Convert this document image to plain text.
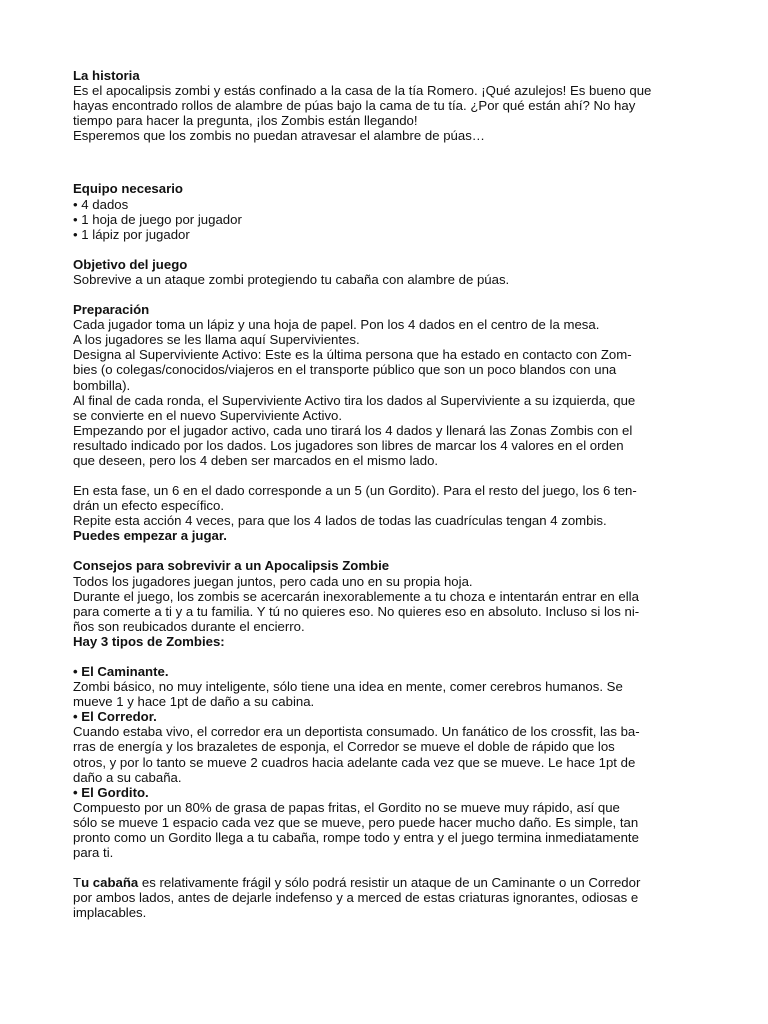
La historia
Es el apocalipsis zombi y estás confinado a la casa de la tía Romero. ¡Qué azulejos! Es bueno que
hayas encontrado rollos de alambre de púas bajo la cama de tu tía. ¿Por qué están ahí? No hay
tiempo para hacer la pregunta, ¡los Zombis están llegando!
Esperemos que los zombis no puedan atravesar el alambre de púas…
Equipo necesario
• 4 dados
• 1 hoja de juego por jugador
• 1 lápiz por jugador
Objetivo del juego
Sobrevive a un ataque zombi protegiendo tu cabaña con alambre de púas.
Preparación
Cada jugador toma un lápiz y una hoja de papel. Pon los 4 dados en el centro de la mesa.
A los jugadores se les llama aquí Supervivientes.
Designa al Superviviente Activo: Este es la última persona que ha estado en contacto con Zom-
bies (o colegas/conocidos/viajeros en el transporte público que son un poco blandos con una
bombilla).
Al final de cada ronda, el Superviviente Activo tira los dados al Superviviente a su izquierda, que
se convierte en el nuevo Superviviente Activo.
Empezando por el jugador activo, cada uno tirará los 4 dados y llenará las Zonas Zombis con el
resultado indicado por los dados. Los jugadores son libres de marcar los 4 valores en el orden
que deseen, pero los 4 deben ser marcados en el mismo lado.
En esta fase, un 6 en el dado corresponde a un 5 (un Gordito). Para el resto del juego, los 6 ten-
drán un efecto específico.
Repite esta acción 4 veces, para que los 4 lados de todas las cuadrículas tengan 4 zombis.
Puedes empezar a jugar.
Consejos para sobrevivir a un Apocalipsis Zombie
Todos los jugadores juegan juntos, pero cada uno en su propia hoja.
Durante el juego, los zombis se acercarán inexorablemente a tu choza e intentarán entrar en ella
para comerte a ti y a tu familia. Y tú no quieres eso. No quieres eso en absoluto. Incluso si los ni-
ños son reubicados durante el encierro.
Hay 3 tipos de Zombies:
• El Caminante.
Zombi básico, no muy inteligente, sólo tiene una idea en mente, comer cerebros humanos. Se
mueve 1 y hace 1pt de daño a su cabina.
• El Corredor.
Cuando estaba vivo, el corredor era un deportista consumado. Un fanático de los crossfit, las ba-
rras de energía y los brazaletes de esponja, el Corredor se mueve el doble de rápido que los
otros, y por lo tanto se mueve 2 cuadros hacia adelante cada vez que se mueve. Le hace 1pt de
daño a su cabaña.
• El Gordito.
Compuesto por un 80% de grasa de papas fritas, el Gordito no se mueve muy rápido, así que
sólo se mueve 1 espacio cada vez que se mueve, pero puede hacer mucho daño. Es simple, tan
pronto como un Gordito llega a tu cabaña, rompe todo y entra y el juego termina inmediatamente
para ti.
Tu cabaña es relativamente frágil y sólo podrá resistir un ataque de un Caminante o un Corredor
por ambos lados, antes de dejarle indefenso y a merced de estas criaturas ignorantes, odiosas e
implacables.
